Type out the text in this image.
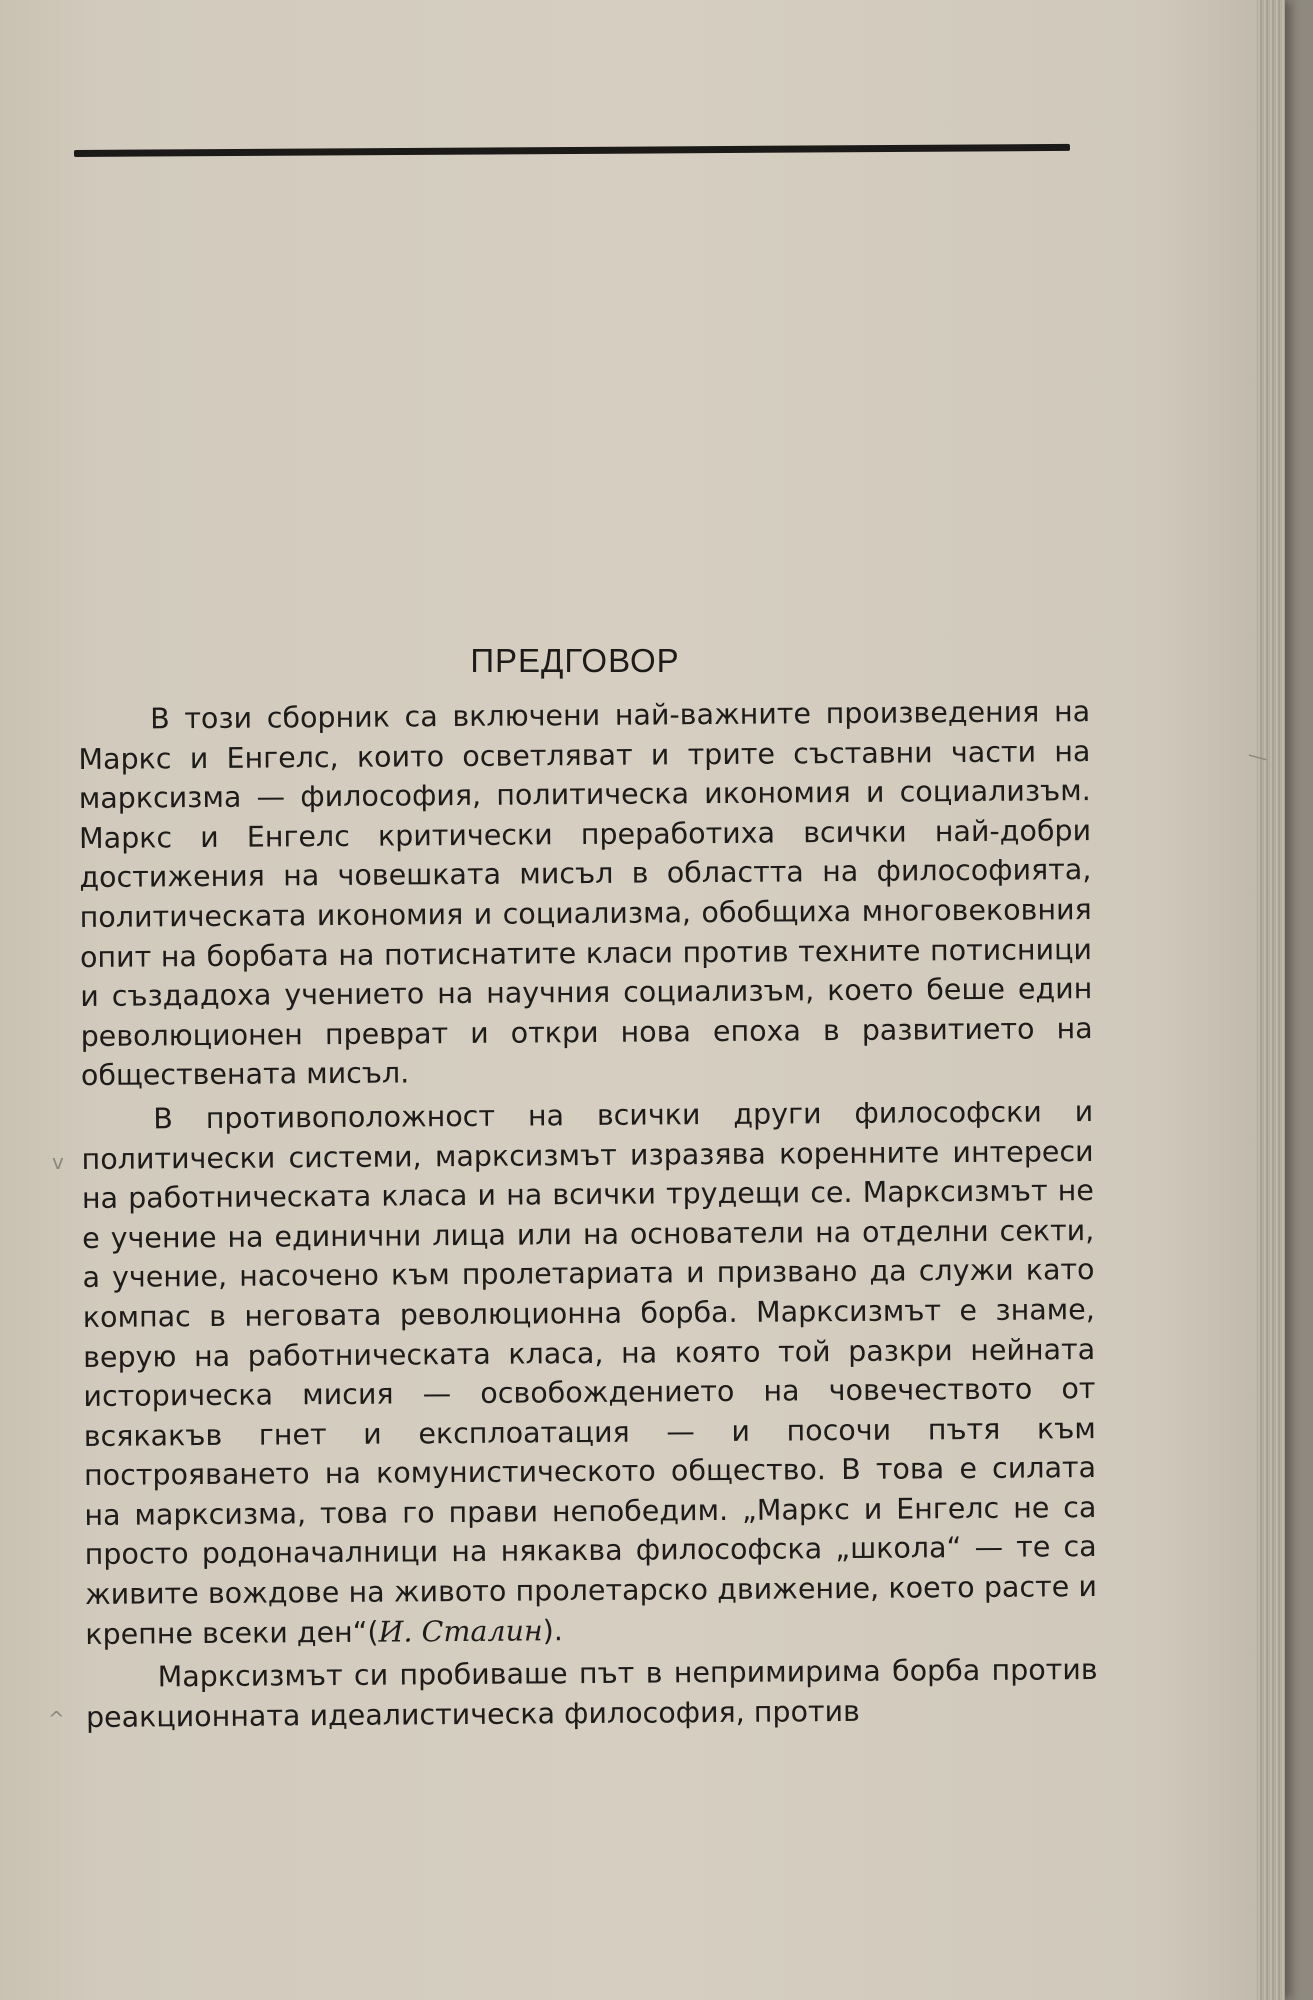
ПРЕДГОВОР

В този сборник са включени най-важните произведения на Маркс и Енгелс, които осветляват и трите съставни части на марксизма — философия, политическа икономия и социализъм. Маркс и Енгелс критически преработиха всички най-добри достижения на човешката мисъл в областта на философията, политическата икономия и социализма, обобщиха многовековния опит на борбата на потиснатите класи против техните потисници и създадоха учението на научния социализъм, което беше един революционен преврат и откри нова епоха в развитието на обществената мисъл.

В противоположност на всички други философски и политически системи, марксизмът изразява коренните интереси на работническата класа и на всички трудещи се. Марксизмът не е учение на единични лица или на основатели на отделни секти, а учение, насочено към пролетариата и призвано да служи като компас в неговата революционна борба. Марксизмът е знаме, верую на работническата класа, на която той разкри нейната историческа мисия — освобождението на човечеството от всякакъв гнет и експлоатация — и посочи пътя към построяването на комунистическото общество. В това е силата на марксизма, това го прави непобедим. „Маркс и Енгелс не са просто родоначалници на някаква философска „школа“ — те са живите вождове на живото пролетарско движение, което расте и крепне всеки ден“(И. Сталин).

Марксизмът си пробиваше път в непримирима борба против реакционната идеалистическа философия, против

—
v
^
